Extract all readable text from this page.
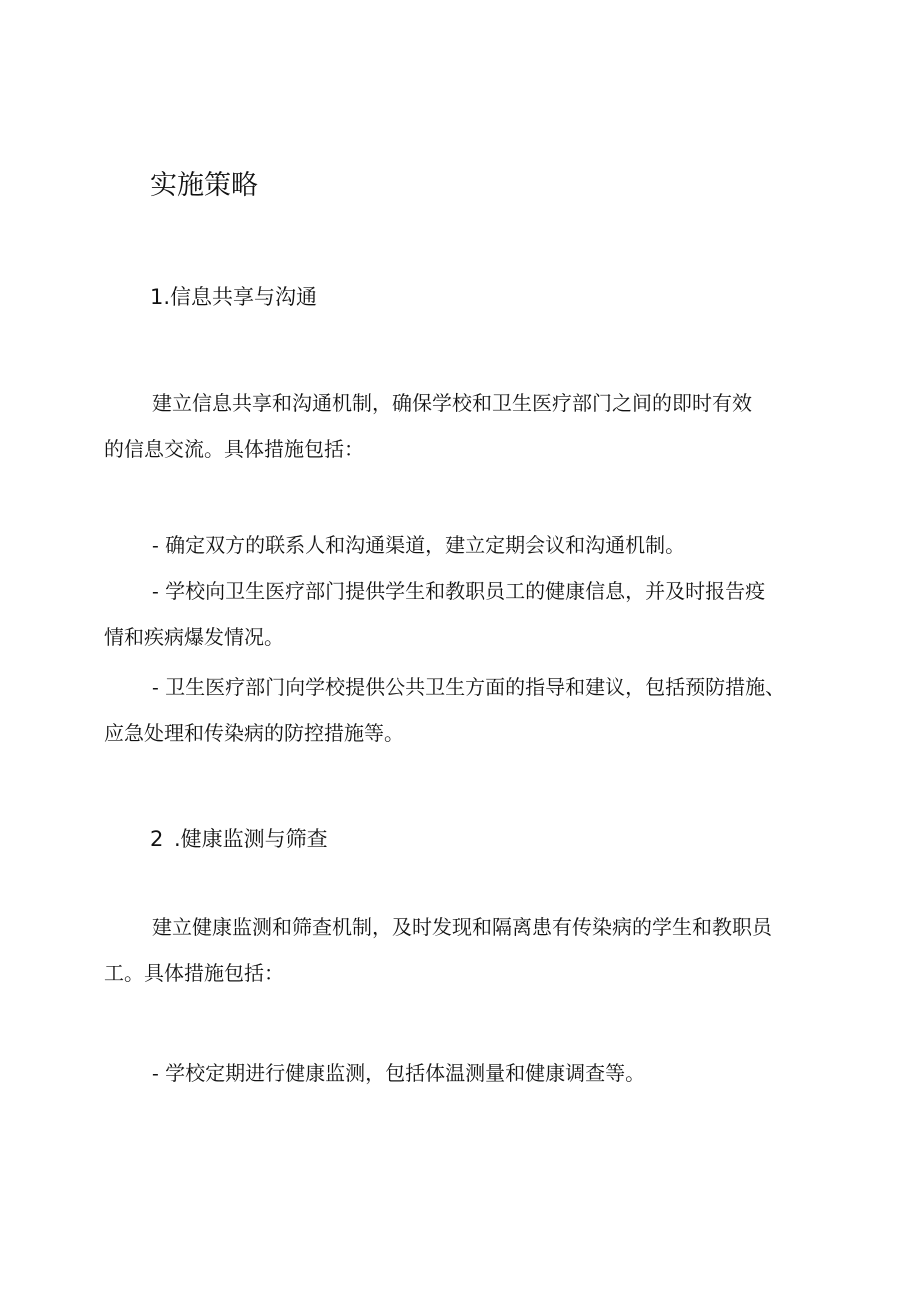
实施策略
1.信息共享与沟通
建立信息共享和沟通机制，确保学校和卫生医疗部门之间的即时有效
的信息交流。具体措施包括：
- 确定双方的联系人和沟通渠道，建立定期会议和沟通机制。
- 学校向卫生医疗部门提供学生和教职员工的健康信息，并及时报告疫
情和疾病爆发情况。
- 卫生医疗部门向学校提供公共卫生方面的指导和建议，包括预防措施、
应急处理和传染病的防控措施等。
2 .健康监测与筛查
建立健康监测和筛查机制，及时发现和隔离患有传染病的学生和教职员
工。具体措施包括：
- 学校定期进行健康监测，包括体温测量和健康调查等。
